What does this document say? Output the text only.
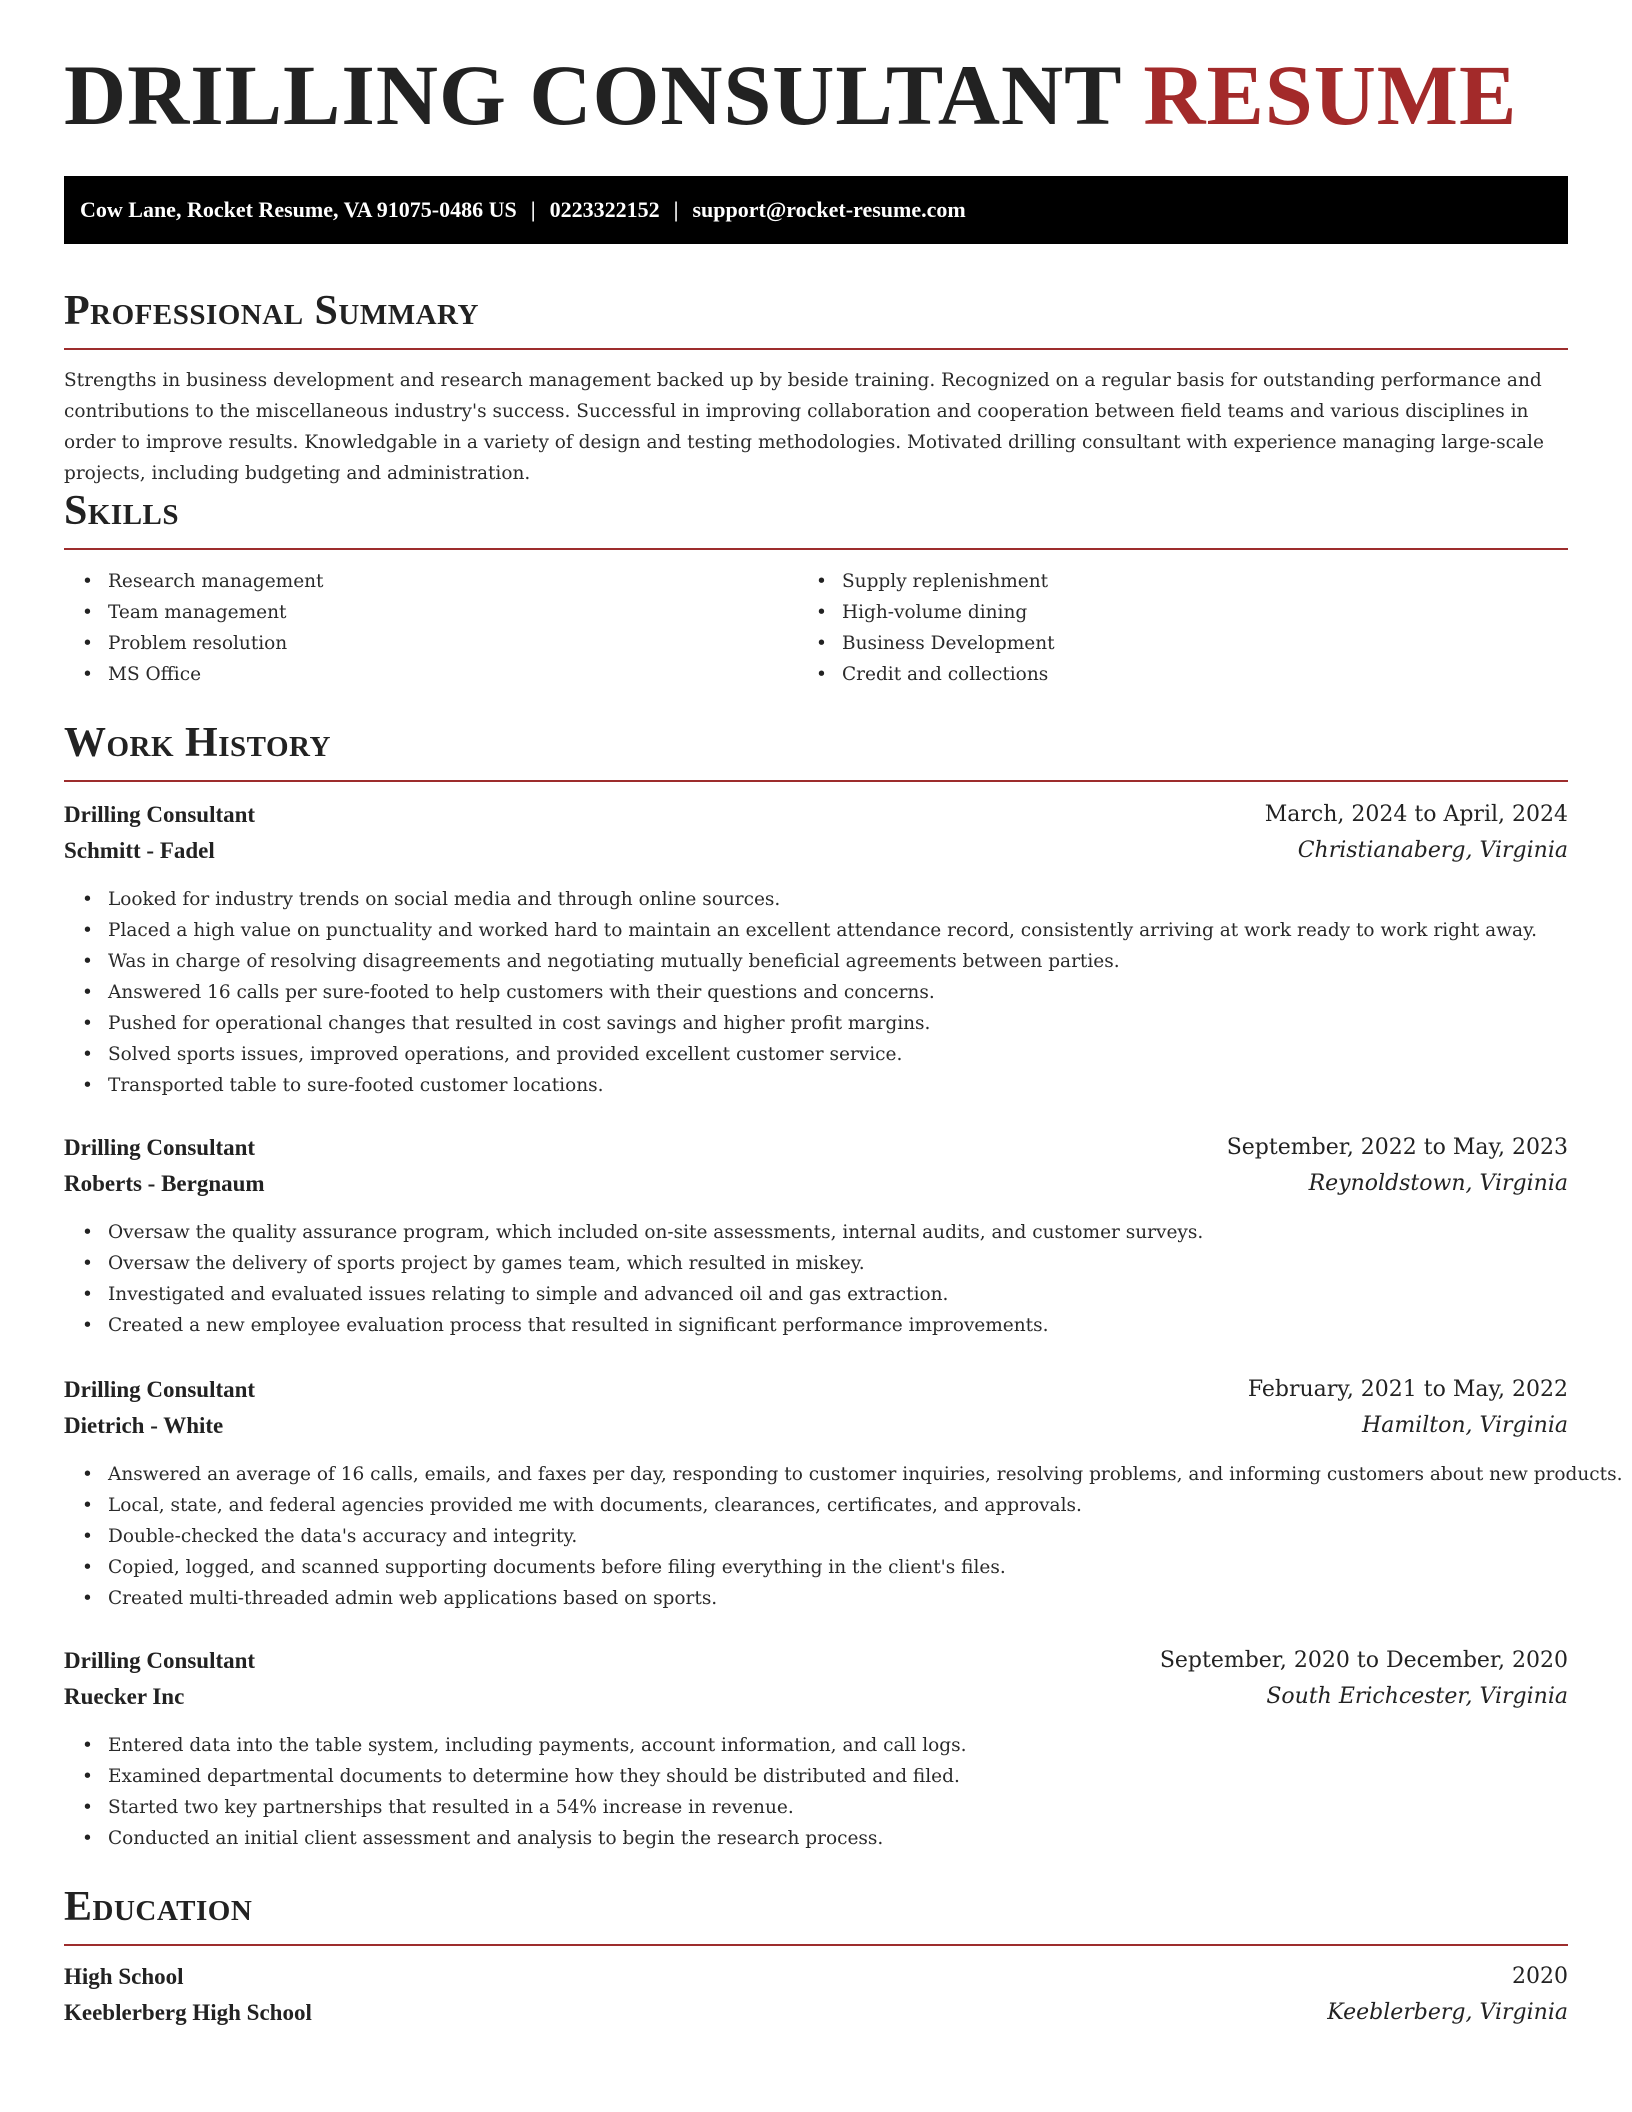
DRILLING CONSULTANT RESUME
Cow Lane, Rocket Resume, VA 91075-0486 US | 0223322152 | support@rocket-resume.com
Professional Summary

Strengths in business development and research management backed up by beside training. Recognized on a regular basis for outstanding performance and contributions to the miscellaneous industry's success. Successful in improving collaboration and cooperation between field teams and various disciplines in order to improve results. Knowledgable in a variety of design and testing methodologies. Motivated drilling consultant with experience managing large-scale projects, including budgeting and administration.

Skills
• Research management
• Team management
• Problem resolution
• MS Office
• Supply replenishment
• High-volume dining
• Business Development
• Credit and collections
Work History
Drilling Consultant	March, 2024 to April, 2024
Schmitt - Fadel	Christianaberg, Virginia
• Looked for industry trends on social media and through online sources.
• Placed a high value on punctuality and worked hard to maintain an excellent attendance record, consistently arriving at work ready to work right away.
• Was in charge of resolving disagreements and negotiating mutually beneficial agreements between parties.
• Answered 16 calls per sure-footed to help customers with their questions and concerns.
• Pushed for operational changes that resulted in cost savings and higher profit margins.
• Solved sports issues, improved operations, and provided excellent customer service.
• Transported table to sure-footed customer locations.
Drilling Consultant	September, 2022 to May, 2023
Roberts - Bergnaum	Reynoldstown, Virginia
• Oversaw the quality assurance program, which included on-site assessments, internal audits, and customer surveys.
• Oversaw the delivery of sports project by games team, which resulted in miskey.
• Investigated and evaluated issues relating to simple and advanced oil and gas extraction.
• Created a new employee evaluation process that resulted in significant performance improvements.
Drilling Consultant	February, 2021 to May, 2022
Dietrich - White	Hamilton, Virginia
• Answered an average of 16 calls, emails, and faxes per day, responding to customer inquiries, resolving problems, and informing customers about new products.
• Local, state, and federal agencies provided me with documents, clearances, certificates, and approvals.
• Double-checked the data's accuracy and integrity.
• Copied, logged, and scanned supporting documents before filing everything in the client's files.
• Created multi-threaded admin web applications based on sports.
Drilling Consultant	September, 2020 to December, 2020
Ruecker Inc	South Erichcester, Virginia
• Entered data into the table system, including payments, account information, and call logs.
• Examined departmental documents to determine how they should be distributed and filed.
• Started two key partnerships that resulted in a 54% increase in revenue.
• Conducted an initial client assessment and analysis to begin the research process.
Education
High School	2020
Keeblerberg High School	Keeblerberg, Virginia
